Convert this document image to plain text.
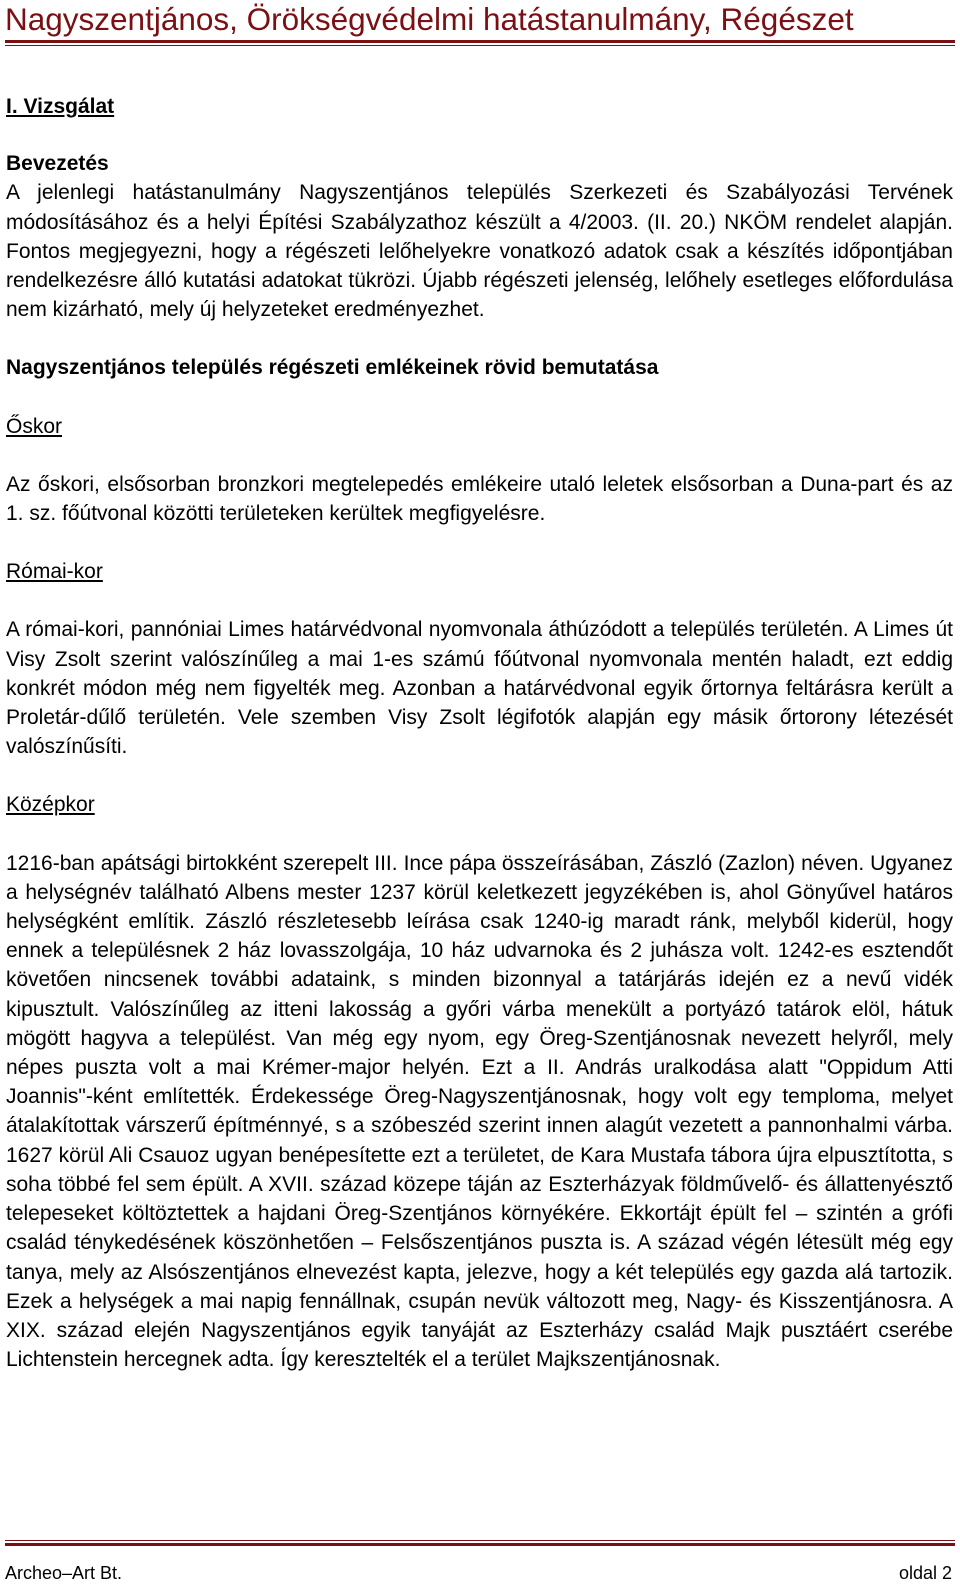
Nagyszentjános, Örökségvédelmi hatástanulmány, Régészet

I. Vizsgálat

Bevezetés

A jelenlegi hatástanulmány Nagyszentjános település Szerkezeti és Szabályozási Tervének módosításához és a helyi Építési Szabályzathoz készült a 4/2003. (II. 20.) NKÖM rendelet alapján. Fontos megjegyezni, hogy a régészeti lelőhelyekre vonatkozó adatok csak a készítés időpontjában rendelkezésre álló kutatási adatokat tükrözi. Újabb régészeti jelenség, lelőhely esetleges előfordulása nem kizárható, mely új helyzeteket eredményezhet.

Nagyszentjános település régészeti emlékeinek rövid bemutatása

Őskor

Az őskori, elsősorban bronzkori megtelepedés emlékeire utaló leletek elsősorban a Duna-part és az 1. sz. főútvonal közötti területeken kerültek megfigyelésre.

Római-kor

A római-kori, pannóniai Limes határvédvonal nyomvonala áthúzódott a település területén. A Limes út Visy Zsolt szerint valószínűleg a mai 1-es számú főútvonal nyomvonala mentén haladt, ezt eddig konkrét módon még nem figyelték meg. Azonban a határvédvonal egyik őrtornya feltárásra került a Proletár-dűlő területén. Vele szemben Visy Zsolt légifotók alapján egy másik őrtorony létezését valószínűsíti.

Középkor

1216-ban apátsági birtokként szerepelt III. Ince pápa összeírásában, Zászló (Zazlon) néven. Ugyanez a helységnév található Albens mester 1237 körül keletkezett jegyzékében is, ahol Gönyűvel határos helységként említik. Zászló részletesebb leírása csak 1240-ig maradt ránk, melyből kiderül, hogy ennek a településnek 2 ház lovasszolgája, 10 ház udvarnoka és 2 juhásza volt. 1242-es esztendőt követően nincsenek további adataink, s minden bizonnyal a tatárjárás idején ez a nevű vidék kipusztult. Valószínűleg az itteni lakosság a győri várba menekült a portyázó tatárok elöl, hátuk mögött hagyva a települést. Van még egy nyom, egy Öreg-Szentjánosnak nevezett helyről, mely népes puszta volt a mai Krémer-major helyén. Ezt a II. András uralkodása alatt "Oppidum Atti Joannis"-ként említették. Érdekessége Öreg-Nagyszentjánosnak, hogy volt egy temploma, melyet átalakítottak várszerű építménnyé, s a szóbeszéd szerint innen alagút vezetett a pannonhalmi várba. 1627 körül Ali Csauoz ugyan benépesítette ezt a területet, de Kara Mustafa tábora újra elpusztította, s soha többé fel sem épült. A XVII. század közepe táján az Eszterházyak földművelő- és állattenyésztő telepeseket költöztettek a hajdani Öreg-Szentjános környékére. Ekkortájt épült fel – szintén a grófi család ténykedésének köszönhetően – Felsőszentjános puszta is. A század végén létesült még egy tanya, mely az Alsószentjános elnevezést kapta, jelezve, hogy a két település egy gazda alá tartozik. Ezek a helységek a mai napig fennállnak, csupán nevük változott meg, Nagy- és Kisszentjánosra. A XIX. század elején Nagyszentjános egyik tanyáját az Eszterházy család Majk pusztáért cserébe Lichtenstein hercegnek adta. Így keresztelték el a terület Majkszentjánosnak.

Archeo–Art Bt.	oldal 2
